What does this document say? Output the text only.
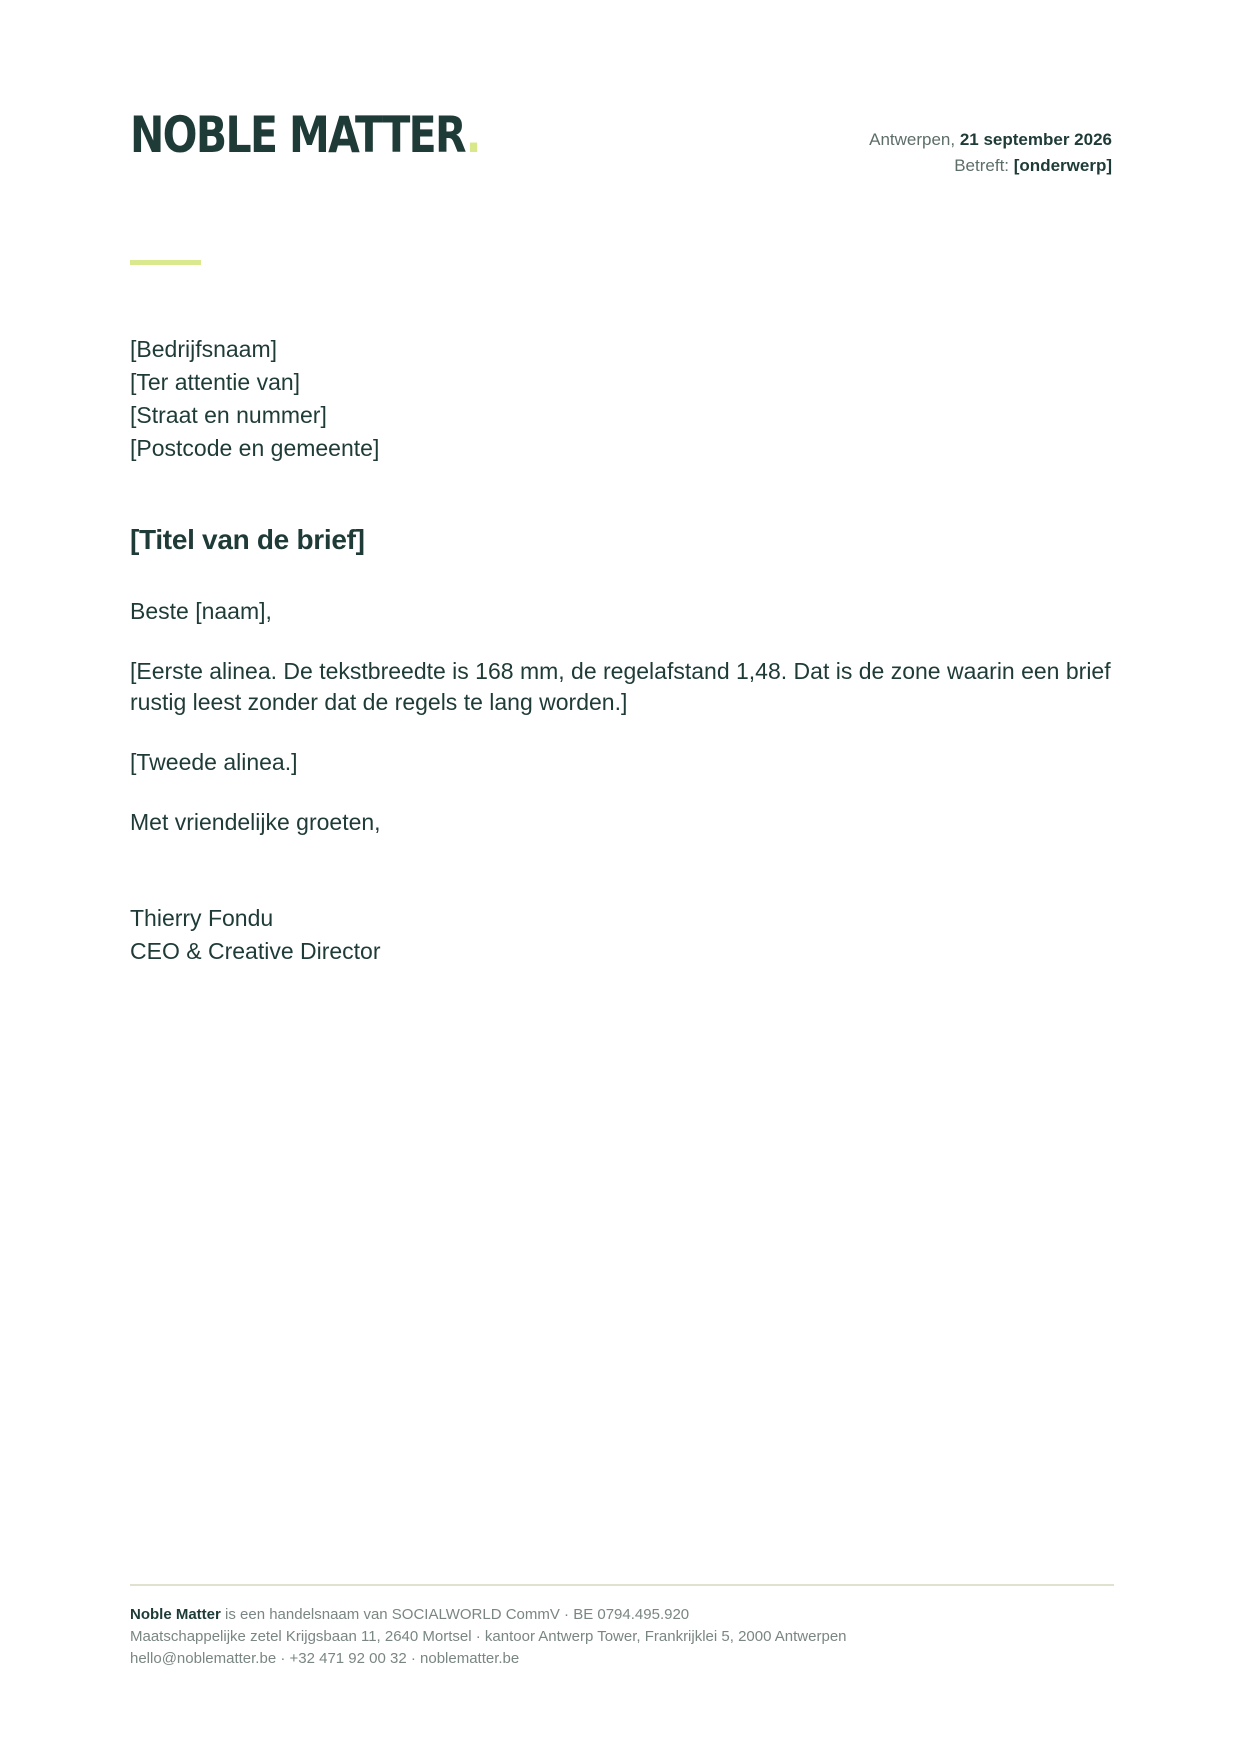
NOBLE MATTER.	Antwerpen, 21 september 2026
Betreft: [onderwerp]
[Bedrijfsnaam]
[Ter attentie van]
[Straat en nummer]
[Postcode en gemeente]
[Titel van de brief]

Beste [naam],

[Eerste alinea. De tekstbreedte is 168 mm, de regelafstand 1,48. Dat is de zone waarin een brief rustig leest zonder dat de regels te lang worden.]

[Tweede alinea.]

Met vriendelijke groeten,

Thierry Fondu
CEO & Creative Director
Noble Matter is een handelsnaam van SOCIALWORLD CommV · BE 0794.495.920
Maatschappelijke zetel Krijgsbaan 11, 2640 Mortsel · kantoor Antwerp Tower, Frankrijklei 5, 2000 Antwerpen
hello@noblematter.be · +32 471 92 00 32 · noblematter.be
